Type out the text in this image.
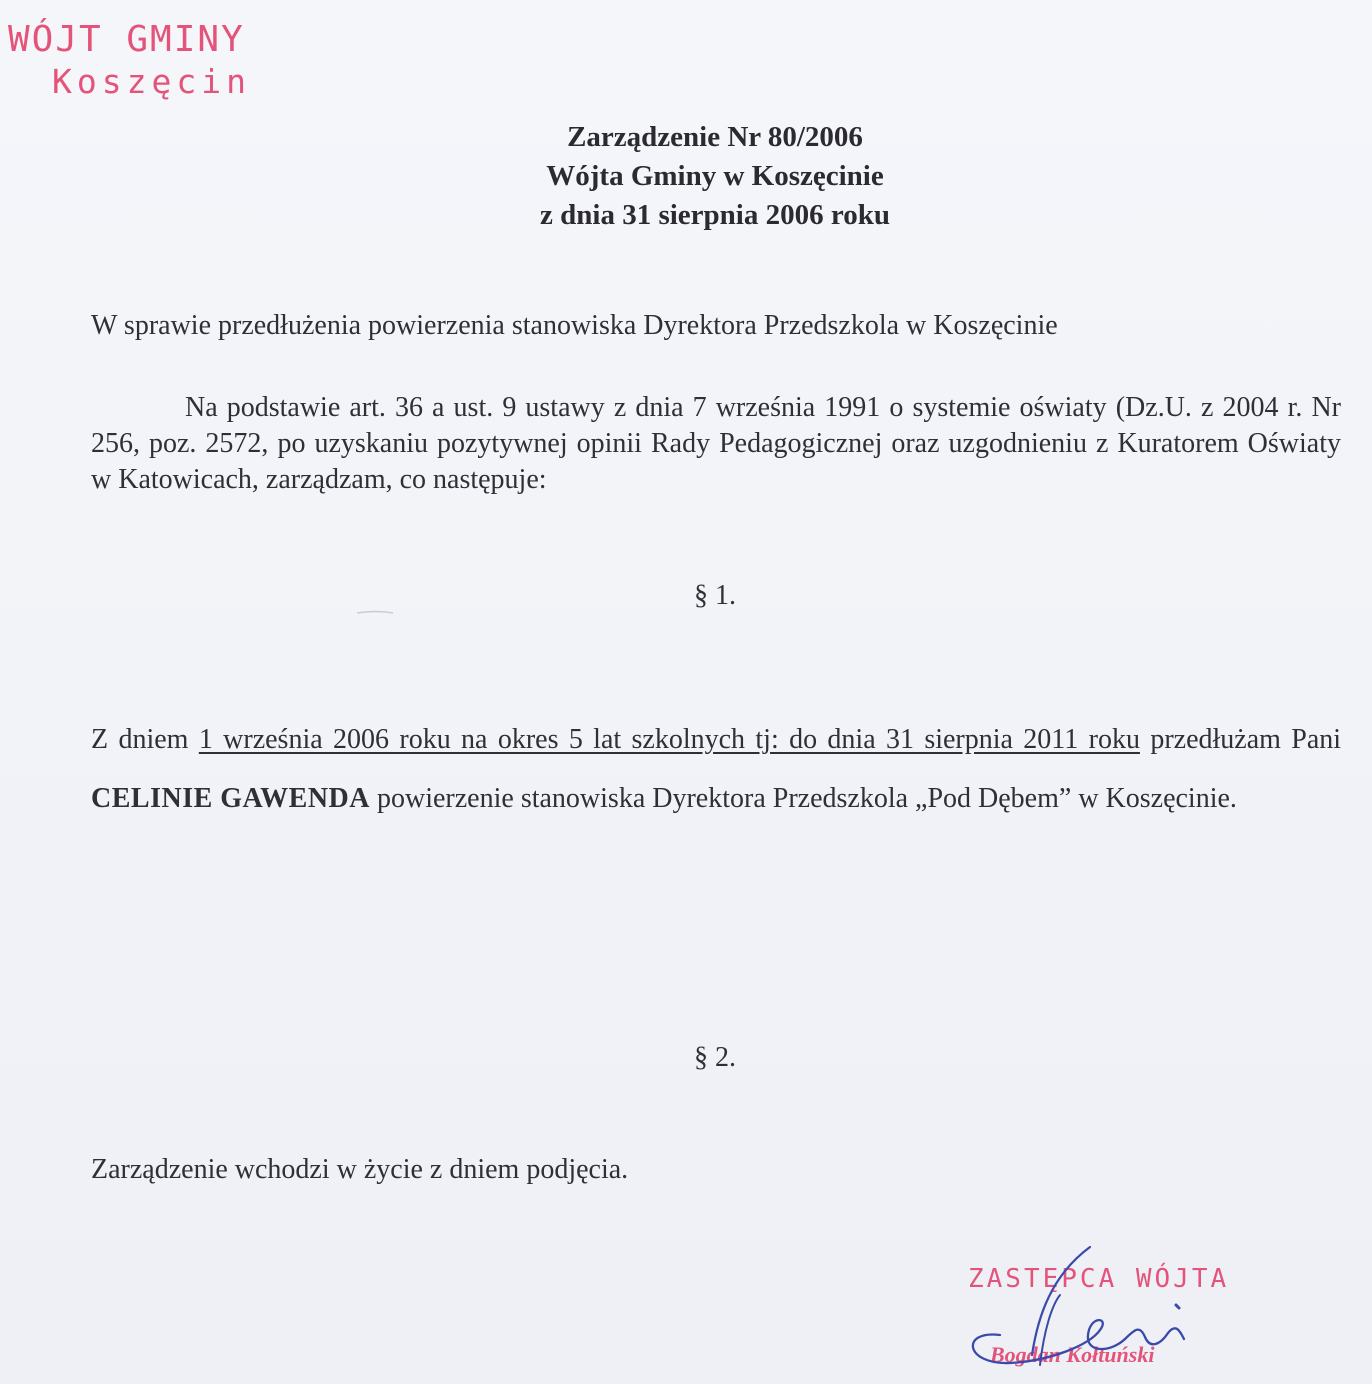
WÓJT GMINY
Koszęcin
Zarządzenie Nr 80/2006
Wójta Gminy w Koszęcinie
z dnia 31 sierpnia 2006 roku
W sprawie przedłużenia powierzenia stanowiska Dyrektora Przedszkola w Koszęcinie
Na podstawie art. 36 a ust. 9 ustawy z dnia 7 września 1991 o systemie oświaty (Dz.U. z 2004 r. Nr 256, poz. 2572, po uzyskaniu pozytywnej opinii Rady Pedagogicznej oraz uzgodnieniu z Kuratorem Oświaty w Katowicach, zarządzam, co następuje:
§ 1.
Z dniem 1 września 2006 roku na okres 5 lat szkolnych tj: do dnia 31 sierpnia 2011 roku przedłużam Pani CELINIE GAWENDA powierzenie stanowiska Dyrektora Przedszkola „Pod Dębem” w Koszęcinie.
§ 2.
Zarządzenie wchodzi w życie z dniem podjęcia.
ZASTĘPCA WÓJTA
Bogdan Kołtuński
